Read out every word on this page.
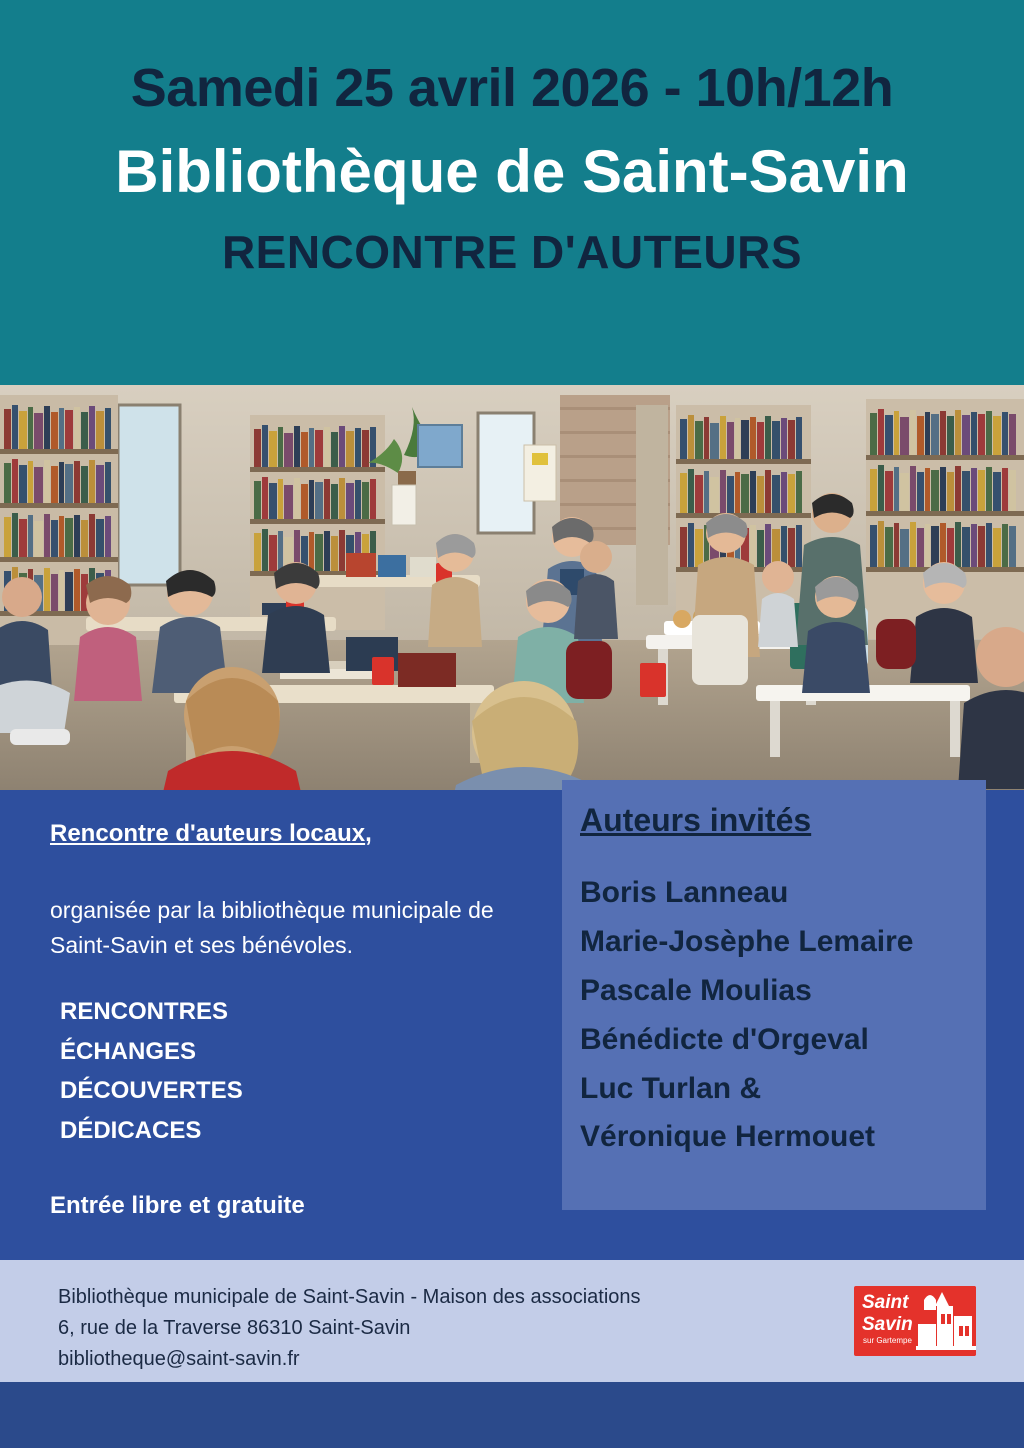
Samedi 25 avril 2026 - 10h/12h
Bibliothèque de Saint-Savin
RENCONTRE D'AUTEURS

Rencontre d'auteurs locaux,

organisée par la bibliothèque municipale de Saint-Savin et ses bénévoles.

RENCONTRES
ÉCHANGES
DÉCOUVERTES
DÉDICACES

Entrée libre et gratuite

Auteurs invités
Boris Lanneau
Marie-Josèphe Lemaire
Pascale Moulias
Bénédicte d'Orgeval
Luc Turlan &
Véronique Hermouet
Bibliothèque municipale de Saint-Savin - Maison des associations
6, rue de la Traverse 86310 Saint-Savin
bibliotheque@saint-savin.fr
Saint
Savin
sur Gartempe
